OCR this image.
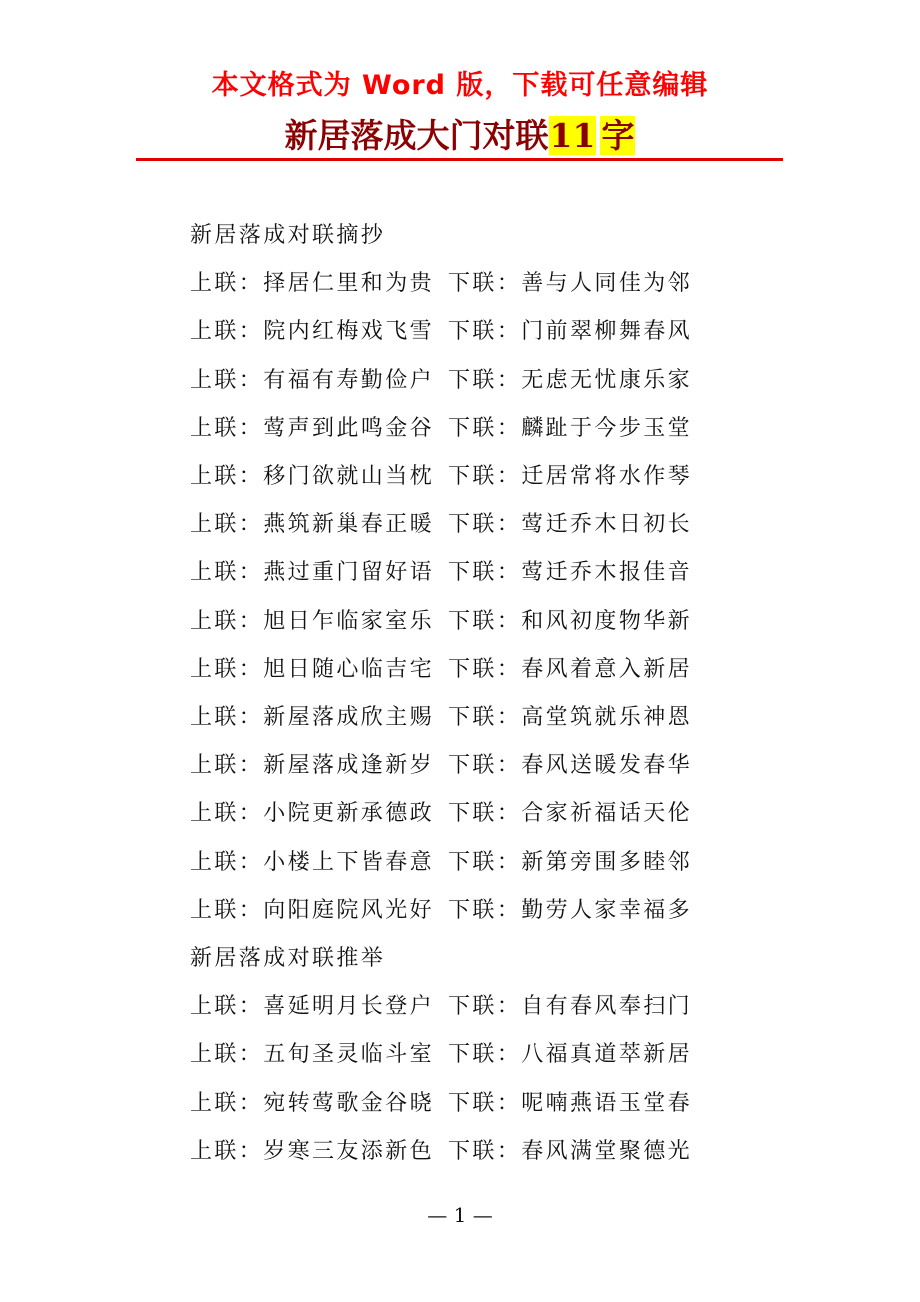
本文格式为 Word 版，下载可任意编辑
新居落成大门对联11 字
新居落成对联摘抄
上联：择居仁里和为贵 下联：善与人同佳为邻
上联：院内红梅戏飞雪 下联：门前翠柳舞春风
上联：有福有寿勤俭户 下联：无虑无忧康乐家
上联：莺声到此鸣金谷 下联：麟趾于今步玉堂
上联：移门欲就山当枕 下联：迁居常将水作琴
上联：燕筑新巢春正暖 下联：莺迁乔木日初长
上联：燕过重门留好语 下联：莺迁乔木报佳音
上联：旭日乍临家室乐 下联：和风初度物华新
上联：旭日随心临吉宅 下联：春风着意入新居
上联：新屋落成欣主赐 下联：高堂筑就乐神恩
上联：新屋落成逢新岁 下联：春风送暖发春华
上联：小院更新承德政 下联：合家祈福话天伦
上联：小楼上下皆春意 下联：新第旁围多睦邻
上联：向阳庭院风光好 下联：勤劳人家幸福多
新居落成对联推举
上联：喜延明月长登户 下联：自有春风奉扫门
上联：五旬圣灵临斗室 下联：八福真道萃新居
上联：宛转莺歌金谷晓 下联：呢喃燕语玉堂春
上联：岁寒三友添新色 下联：春风满堂聚德光
— 1 —
